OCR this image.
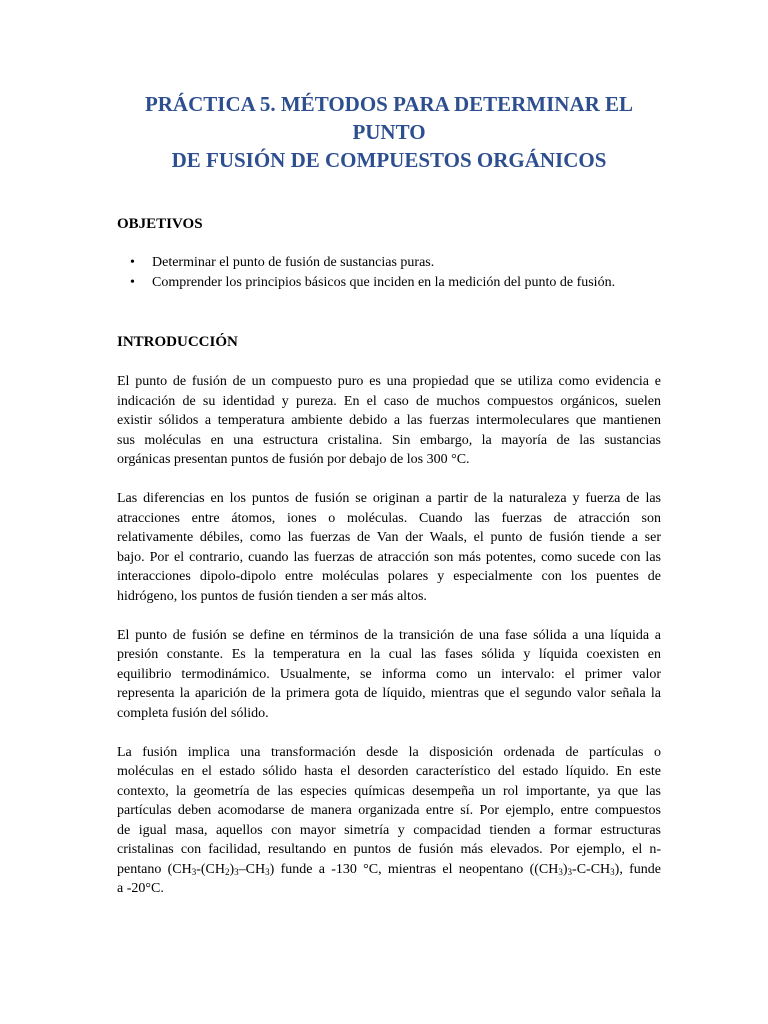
PRÁCTICA 5. MÉTODOS PARA DETERMINAR EL PUNTO
DE FUSIÓN DE COMPUESTOS ORGÁNICOS
OBJETIVOS
• Determinar el punto de fusión de sustancias puras.
• Comprender los principios básicos que inciden en la medición del punto de fusión.
INTRODUCCIÓN

El punto de fusión de un compuesto puro es una propiedad que se utiliza como evidencia e
indicación de su identidad y pureza. En el caso de muchos compuestos orgánicos, suelen
existir sólidos a temperatura ambiente debido a las fuerzas intermoleculares que mantienen
sus moléculas en una estructura cristalina. Sin embargo, la mayoría de las sustancias
orgánicas presentan puntos de fusión por debajo de los 300 °C.

Las diferencias en los puntos de fusión se originan a partir de la naturaleza y fuerza de las
atracciones entre átomos, iones o moléculas. Cuando las fuerzas de atracción son
relativamente débiles, como las fuerzas de Van der Waals, el punto de fusión tiende a ser
bajo. Por el contrario, cuando las fuerzas de atracción son más potentes, como sucede con las
interacciones dipolo-dipolo entre moléculas polares y especialmente con los puentes de
hidrógeno, los puntos de fusión tienden a ser más altos.

El punto de fusión se define en términos de la transición de una fase sólida a una líquida a
presión constante. Es la temperatura en la cual las fases sólida y líquida coexisten en
equilibrio termodinámico. Usualmente, se informa como un intervalo: el primer valor
representa la aparición de la primera gota de líquido, mientras que el segundo valor señala la
completa fusión del sólido.

La fusión implica una transformación desde la disposición ordenada de partículas o
moléculas en el estado sólido hasta el desorden característico del estado líquido. En este
contexto, la geometría de las especies químicas desempeña un rol importante, ya que las
partículas deben acomodarse de manera organizada entre sí. Por ejemplo, entre compuestos
de igual masa, aquellos con mayor simetría y compacidad tienden a formar estructuras
cristalinas con facilidad, resultando en puntos de fusión más elevados. Por ejemplo, el n-
pentano $(CH_3-(CH_2)_3-CH_3)$ funde a -130 °C, mientras el neopentano $((CH_3)_3-C-CH_3)$, funde
a -20°C.
